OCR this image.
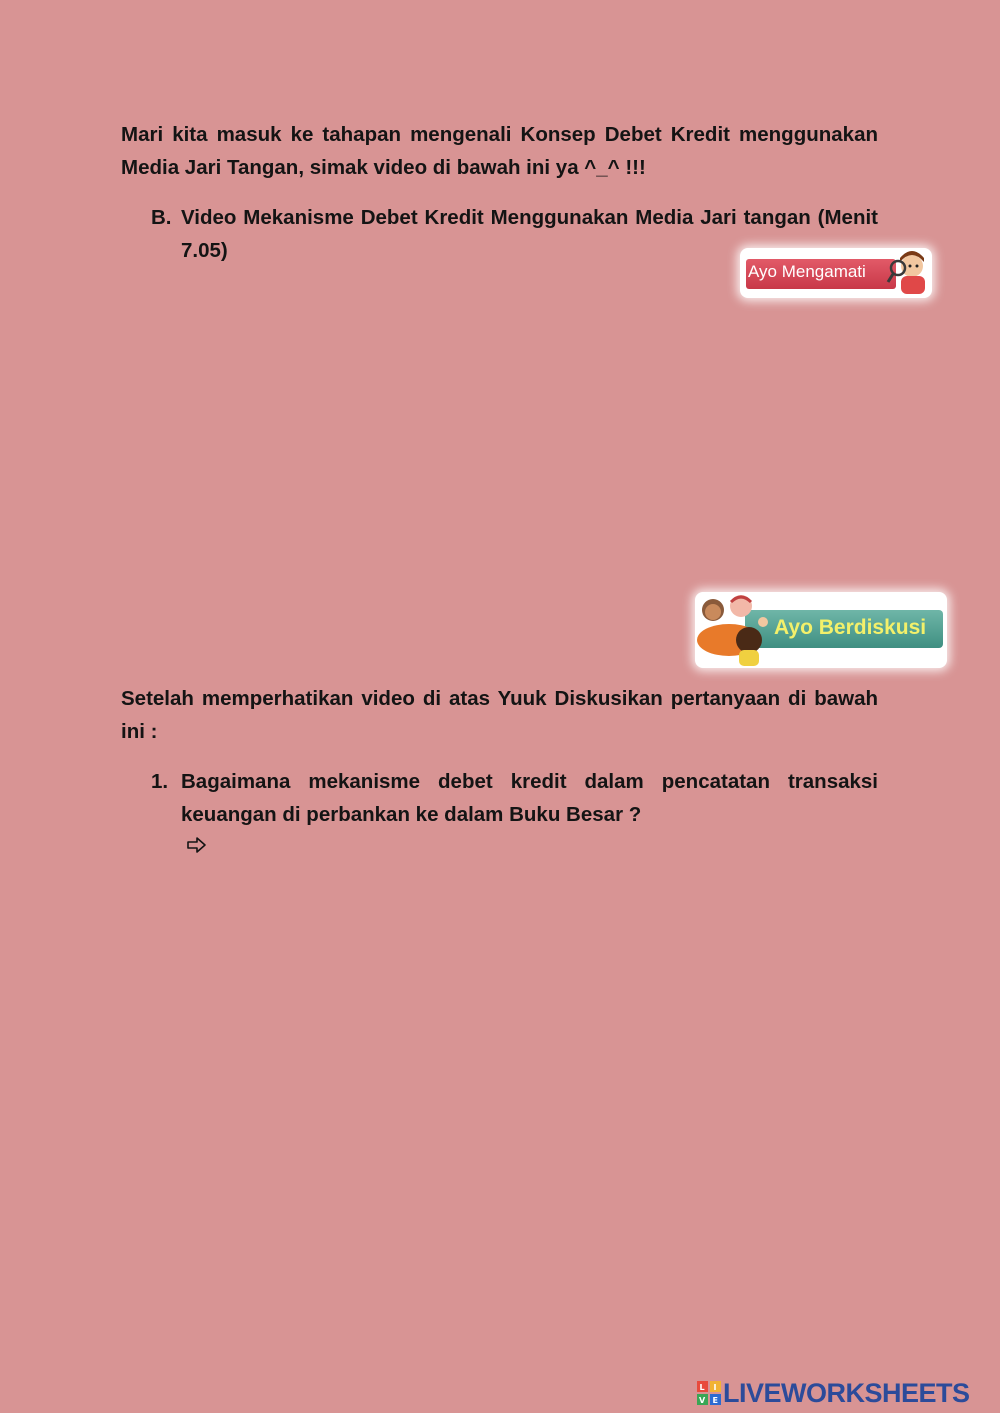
Mari kita masuk ke tahapan mengenali Konsep Debet Kredit menggunakan Media Jari Tangan, simak video di bawah ini ya ^_^ !!!

B. Video Mekanisme Debet Kredit Menggunakan Media Jari tangan (Menit 7.05)
Ayo Mengamati
Ayo Berdiskusi

Setelah memperhatikan video di atas Yuuk Diskusikan pertanyaan di bawah ini :

1. Bagaimana mekanisme debet kredit dalam pencatatan transaksi keuangan di perbankan ke dalam Buku Besar ?
L I
V E LIVEWORKSHEETS
